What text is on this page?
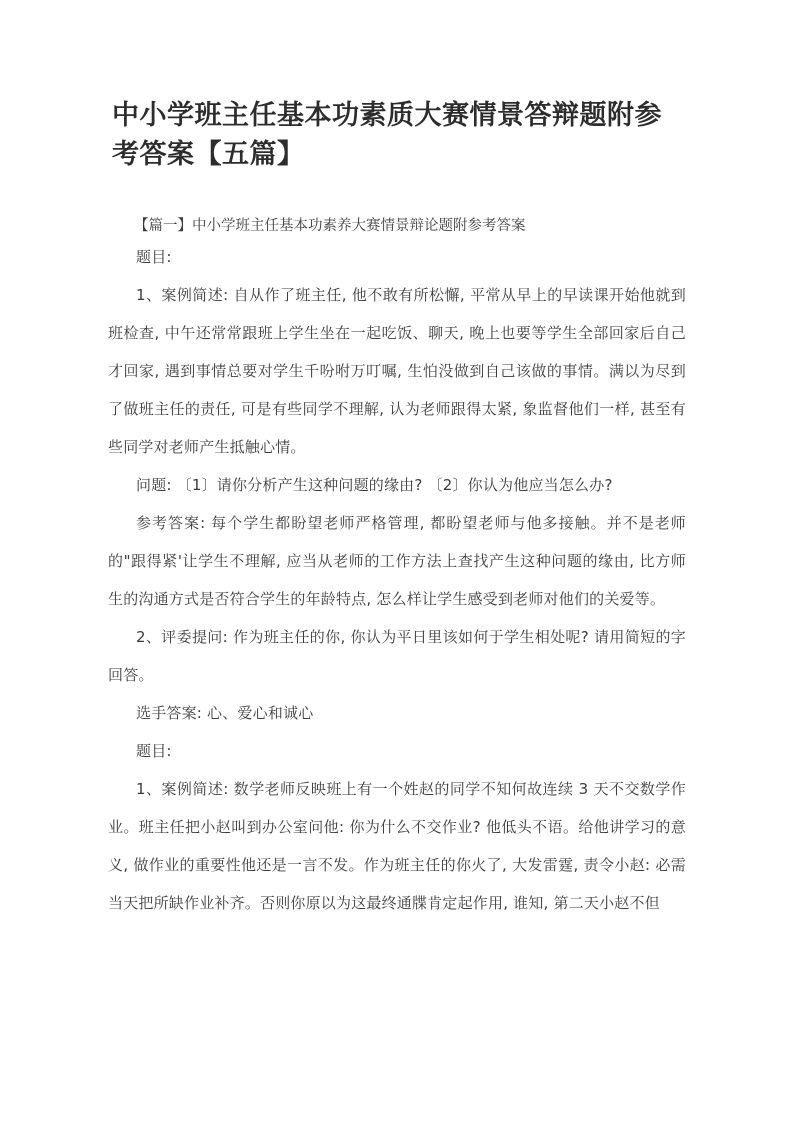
中小学班主任基本功素质大赛情景答辩题附参考答案【五篇】
【篇一】中小学班主任基本功素养大赛情景辩论题附参考答案

题目:

1、案例简述: 自从作了班主任, 他不敢有所松懈, 平常从早上的早读课开始他就到班检查, 中午还常常跟班上学生坐在一起吃饭、聊天, 晚上也要等学生全部回家后自己才回家, 遇到事情总要对学生千吩咐万叮嘱, 生怕没做到自己该做的事情。满以为尽到了做班主任的责任, 可是有些同学不理解, 认为老师跟得太紧, 象监督他们一样, 甚至有些同学对老师产生抵触心情。

问题: 〔1〕请你分析产生这种问题的缘由? 〔2〕你认为他应当怎么办?

参考答案: 每个学生都盼望老师严格管理, 都盼望老师与他多接触。并不是老师的"跟得紧'让学生不理解, 应当从老师的工作方法上查找产生这种问题的缘由, 比方师生的沟通方式是否符合学生的年龄特点, 怎么样让学生感受到老师对他们的关爱等。

2、评委提问: 作为班主任的你, 你认为平日里该如何于学生相处呢? 请用简短的字回答。

选手答案: 心、爱心和诚心

题目:

1、案例简述: 数学老师反映班上有一个姓赵的同学不知何故连续 3 天不交数学作业。班主任把小赵叫到办公室问他: 你为什么不交作业? 他低头不语。给他讲学习的意义, 做作业的重要性他还是一言不发。作为班主任的你火了, 大发雷霆, 责令小赵: 必需当天把所缺作业补齐。否则你原以为这最终通牒肯定起作用, 谁知, 第二天小赵不但
